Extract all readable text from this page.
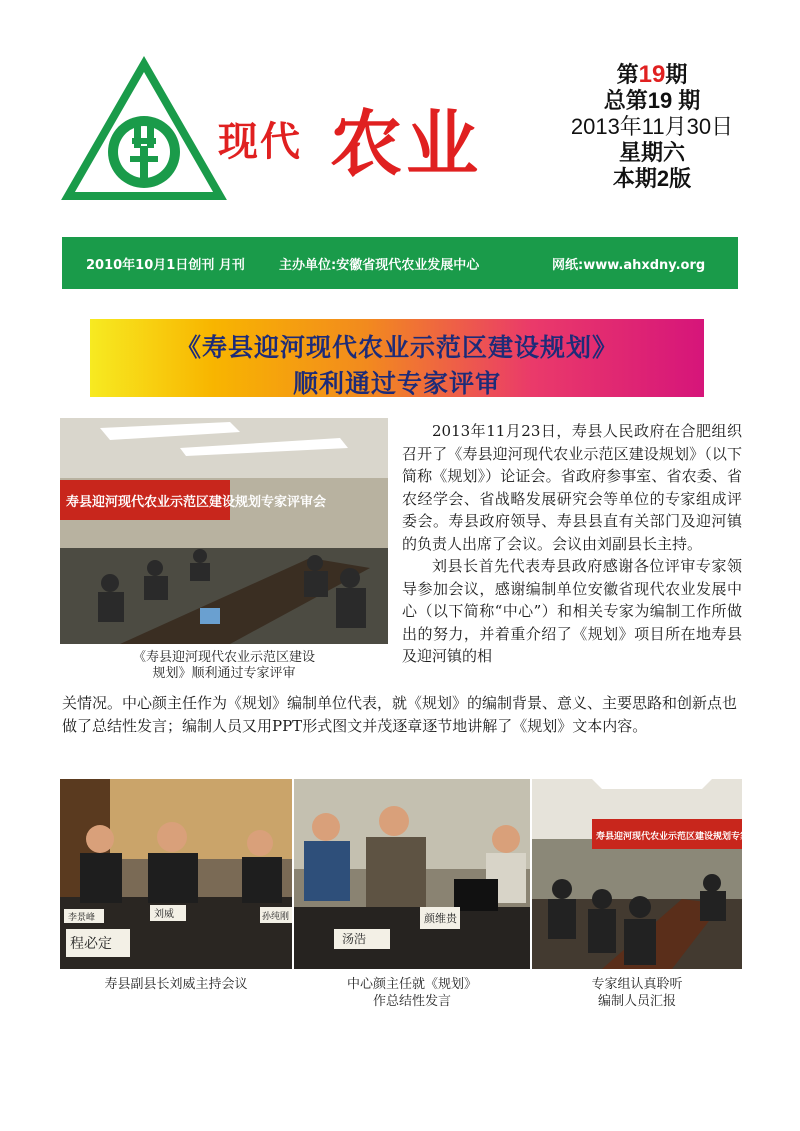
现代 农业
第19期
总第19 期
2013年11月30日
星期六
本期2版
2010年10月1日创刊 月刊	主办单位:安徽省现代农业发展中心	网纸:www.ahxdny.org
《寿县迎河现代农业示范区建设规划》
顺利通过专家评审
寿县迎河现代农业示范区建设规划专家评审会
《寿县迎河现代农业示范区建设
规划》顺利通过专家评审

2013年11月23日，寿县人民政府在合肥组织召开了《寿县迎河现代农业示范区建设规划》（以下简称《规划》）论证会。省政府参事室、省农委、省农经学会、省战略发展研究会等单位的专家组成评委会。寿县政府领导、寿县县直有关部门及迎河镇的负责人出席了会议。会议由刘副县长主持。

刘县长首先代表寿县政府感谢各位评审专家领导参加会议，感谢编制单位安徽省现代农业发展中心（以下简称“中心”）和相关专家为编制工作所做出的努力，并着重介绍了《规划》项目所在地寿县及迎河镇的相

关情况。中心颜主任作为《规划》编制单位代表，就《规划》的编制背景、意义、主要思路和创新点也做了总结性发言；编制人员又用PPT形式图文并茂逐章逐节地讲解了《规划》文本内容。
李景峰	刘威	孙纯刚
程必定	汤浩
颜维贵
寿县迎河现代农业示范区建设规划专家评审会
寿县副县长刘威主持会议	中心颜主任就《规划》
作总结性发言
专家组认真聆听
编制人员汇报
